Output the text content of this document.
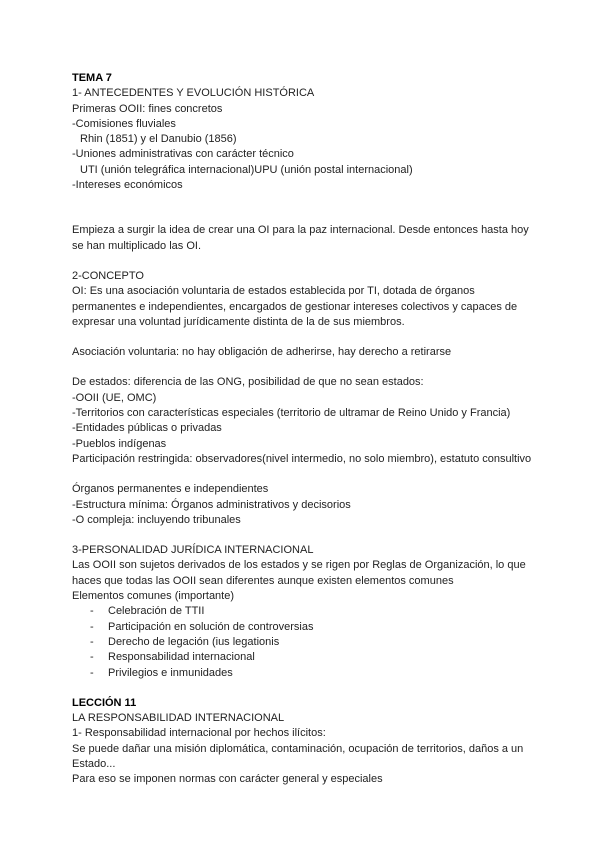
TEMA 7
1- ANTECEDENTES Y EVOLUCIÓN HISTÓRICA
Primeras OOII: fines concretos
-Comisiones fluviales
Rhin (1851) y el Danubio (1856)
-Uniones administrativas con carácter técnico
UTI (unión telegráfica internacional)UPU (unión postal internacional)
-Intereses económicos
Empieza a surgir la idea de crear una OI para la paz internacional. Desde entonces hasta hoy se han multiplicado las OI.
2-CONCEPTO
OI: Es una asociación voluntaria de estados establecida por TI, dotada de órganos permanentes e independientes, encargados de gestionar intereses colectivos y capaces de expresar una voluntad jurídicamente distinta de la de sus miembros.
Asociación voluntaria: no hay obligación de adherirse, hay derecho a retirarse
De estados: diferencia de las ONG, posibilidad de que no sean estados:
-OOII (UE, OMC)
-Territorios con características especiales (territorio de ultramar de Reino Unido y Francia)
-Entidades públicas o privadas
-Pueblos indígenas
Participación restringida: observadores(nivel intermedio, no solo miembro), estatuto consultivo
Órganos permanentes e independientes
-Estructura mínima: Órganos administrativos y decisorios
-O compleja: incluyendo tribunales
3-PERSONALIDAD JURÍDICA INTERNACIONAL
Las OOII son sujetos derivados de los estados y se rigen por Reglas de Organización, lo que haces que todas las OOII sean diferentes aunque existen elementos comunes
Elementos comunes (importante)
- Celebración de TTII
- Participación en solución de controversias
- Derecho de legación (ius legationis
- Responsabilidad internacional
- Privilegios e inmunidades
LECCIÓN 11
LA RESPONSABILIDAD INTERNACIONAL
1- Responsabilidad internacional por hechos ilícitos:
Se puede dañar una misión diplomática, contaminación, ocupación de territorios, daños a un Estado...
Para eso se imponen normas con carácter general y especiales
